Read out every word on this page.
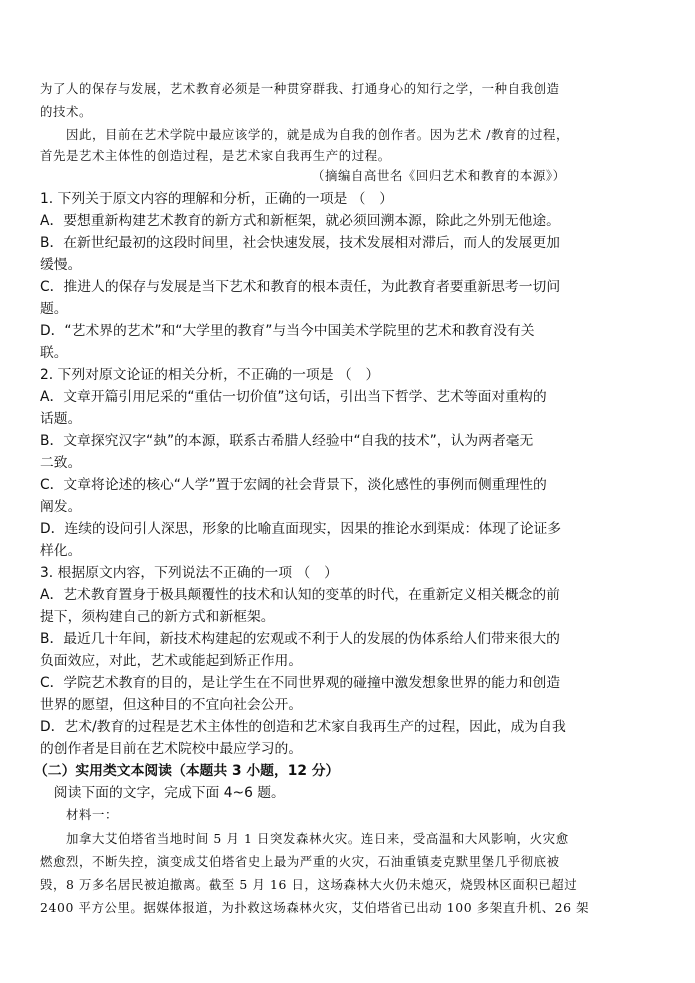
为了人的保存与发展，艺术教育必须是一种贯穿群我、打通身心的知行之学，一种自我创造
的技术。
　　因此，目前在艺术学院中最应该学的，就是成为自我的创作者。因为艺术 /教育的过程，
首先是艺术主体性的创造过程，是艺术家自我再生产的过程。
（摘编自高世名《回归艺术和教育的本源》）
1. 下列关于原文内容的理解和分析，正确的一项是 （　）
A．要想重新构建艺术教育的新方式和新框架，就必须回溯本源，除此之外别无他途。
B．在新世纪最初的这段时间里，社会快速发展，技术发展相对滞后，而人的发展更加
缓慢。
C．推进人的保存与发展是当下艺术和教育的根本责任，为此教育者要重新思考一切问
题。
D．“艺术界的艺术”和“大学里的教育”与当今中国美术学院里的艺术和教育没有关
联。
2. 下列对原文论证的相关分析，不正确的一项是 （　）
A．文章开篇引用尼采的“重估一切价值”这句话，引出当下哲学、艺术等面对重构的
话题。
B．文章探究汉字“埶”的本源，联系古希腊人经验中“自我的技术”，认为两者毫无
二致。
C．文章将论述的核心“人学”置于宏阔的社会背景下，淡化感性的事例而侧重理性的
阐发。
D．连续的设问引人深思，形象的比喻直面现实，因果的推论水到渠成：体现了论证多
样化。
3. 根据原文内容，下列说法不正确的一项 （　）
A．艺术教育置身于极具颠覆性的技术和认知的变革的时代，在重新定义相关概念的前
提下，须构建自己的新方式和新框架。
B．最近几十年间，新技术构建起的宏观或不利于人的发展的伪体系给人们带来很大的
负面效应，对此，艺术或能起到矫正作用。
C．学院艺术教育的目的，是让学生在不同世界观的碰撞中激发想象世界的能力和创造
世界的愿望，但这种目的不宜向社会公开。
D．艺术/教育的过程是艺术主体性的创造和艺术家自我再生产的过程，因此，成为自我
的创作者是目前在艺术院校中最应学习的。
（二）实用类文本阅读（本题共 3 小题，12 分）
　阅读下面的文字，完成下面 4~6 题。
　　材料一：
　　加拿大艾伯塔省当地时间 5 月 1 日突发森林火灾。连日来，受高温和大风影响，火灾愈
燃愈烈，不断失控，演变成艾伯塔省史上最为严重的火灾，石油重镇麦克默里堡几乎彻底被
毁，8 万多名居民被迫撤离。截至 5 月 16 日，这场森林大火仍未熄灭，烧毁林区面积已超过
2400 平方公里。据媒体报道，为扑救这场森林火灾，艾伯塔省已出动 100 多架直升机、26 架
